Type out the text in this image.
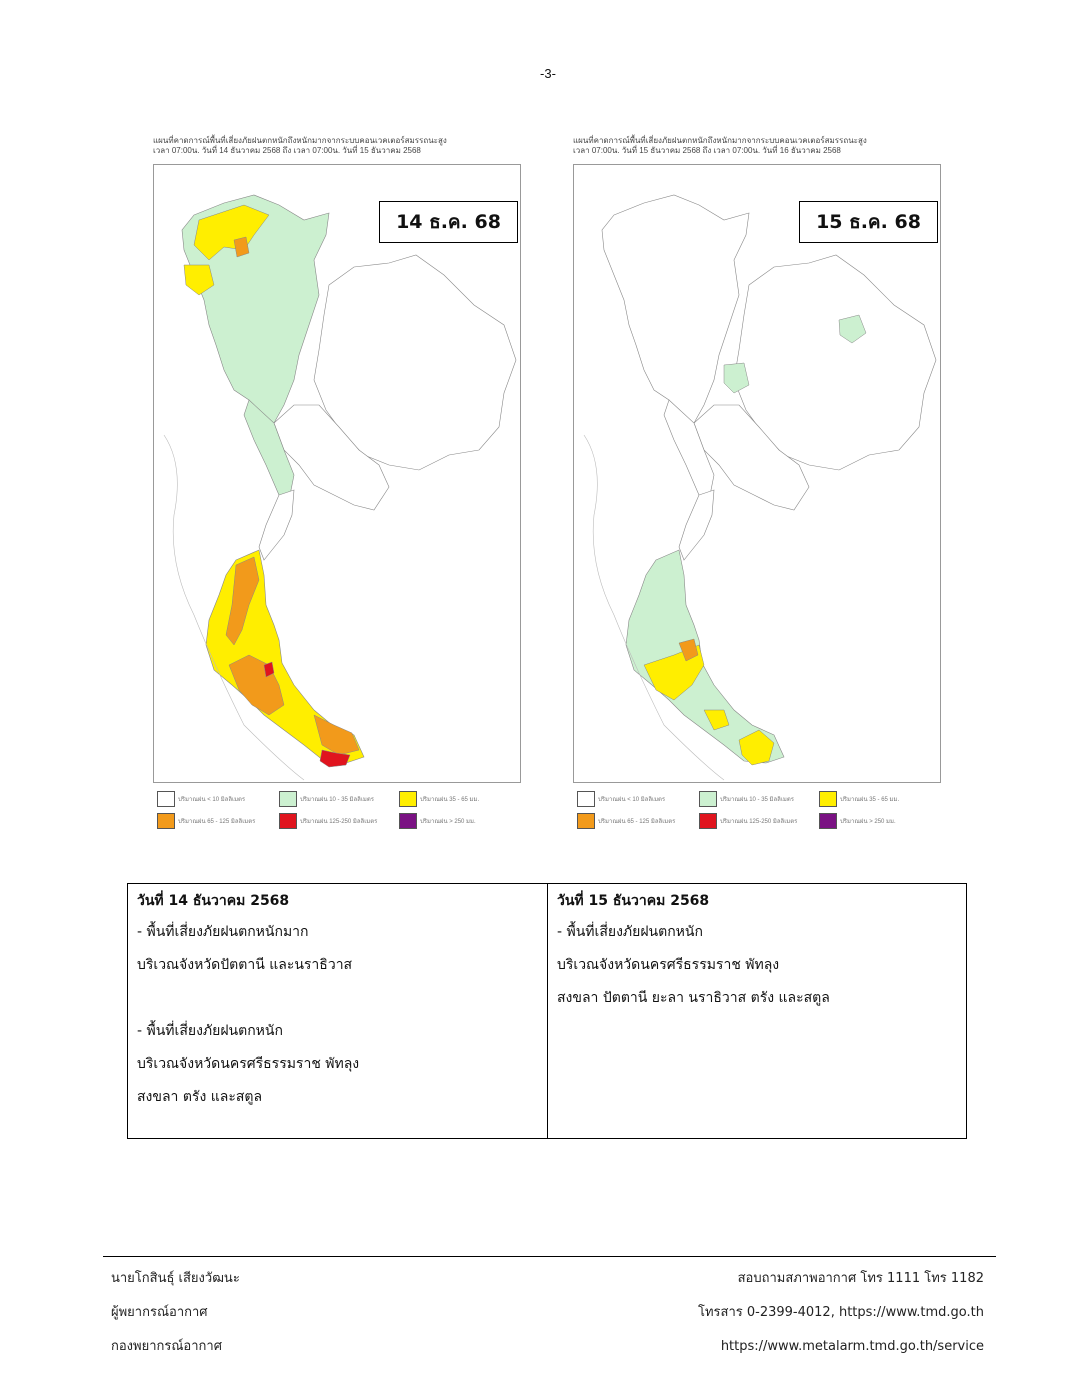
-3-
แผนที่คาดการณ์พื้นที่เสี่ยงภัยฝนตกหนักถึงหนักมากจากระบบคอนเวคเตอร์สมรรถนะสูง
เวลา 07:00น. วันที่ 14 ธันวาคม 2568 ถึง เวลา 07:00น. วันที่ 15 ธันวาคม 2568
14 ธ.ค. 68
ปริมาณฝน < 10 มิลลิเมตร	ปริมาณฝน 10 - 35 มิลลิเมตร	ปริมาณฝน 35 - 65 มม.
ปริมาณฝน 65 - 125 มิลลิเมตร	ปริมาณฝน 125-250 มิลลิเมตร	ปริมาณฝน > 250 มม.
แผนที่คาดการณ์พื้นที่เสี่ยงภัยฝนตกหนักถึงหนักมากจากระบบคอนเวคเตอร์สมรรถนะสูง
เวลา 07:00น. วันที่ 15 ธันวาคม 2568 ถึง เวลา 07:00น. วันที่ 16 ธันวาคม 2568
15 ธ.ค. 68
ปริมาณฝน < 10 มิลลิเมตร	ปริมาณฝน 10 - 35 มิลลิเมตร	ปริมาณฝน 35 - 65 มม.
ปริมาณฝน 65 - 125 มิลลิเมตร	ปริมาณฝน 125-250 มิลลิเมตร	ปริมาณฝน > 250 มม.
วันที่ 14 ธันวาคม 2568
- พื้นที่เสี่ยงภัยฝนตกหนักมาก
บริเวณจังหวัดปัตตานี และนราธิวาส
- พื้นที่เสี่ยงภัยฝนตกหนัก
บริเวณจังหวัดนครศรีธรรมราช พัทลุง
สงขลา ตรัง และสตูล
วันที่ 15 ธันวาคม 2568
- พื้นที่เสี่ยงภัยฝนตกหนัก
บริเวณจังหวัดนครศรีธรรมราช พัทลุง
สงขลา ปัตตานี ยะลา นราธิวาส ตรัง และสตูล
นายโกสินธุ์ เสียงวัฒนะ
ผู้พยากรณ์อากาศ
กองพยากรณ์อากาศ
สอบถามสภาพอากาศ โทร 1111 โทร 1182
โทรสาร 0-2399-4012, https://www.tmd.go.th
https://www.metalarm.tmd.go.th/service
